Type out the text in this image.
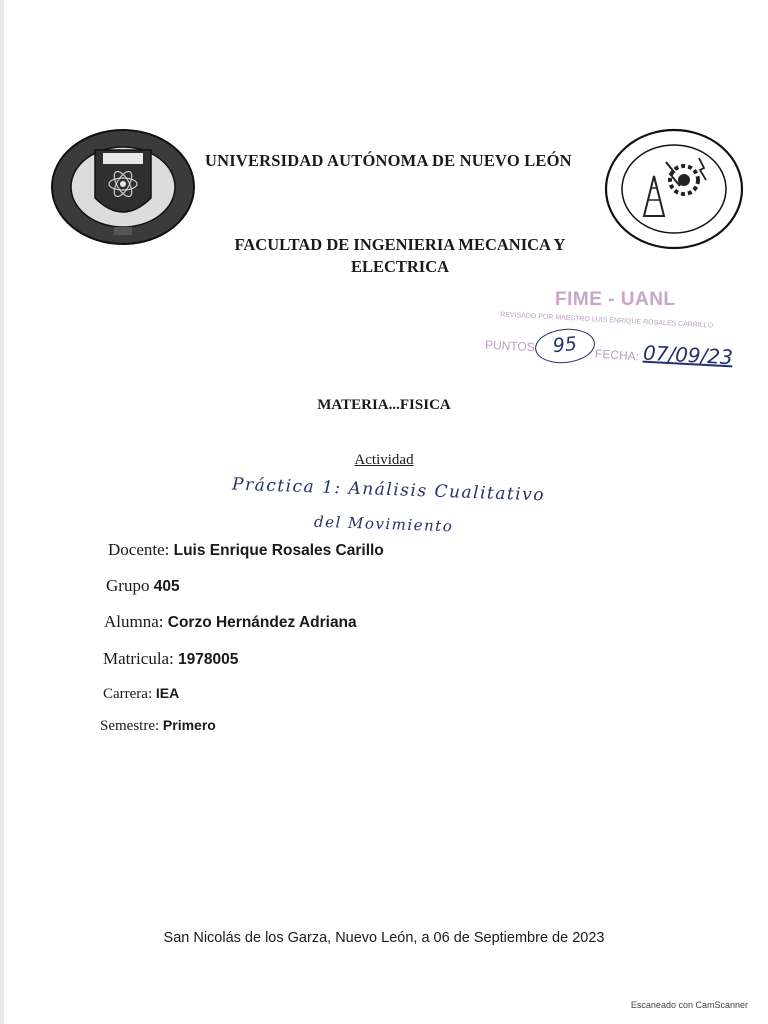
UNIVERSIDAD AUTÓNOMA DE NUEVO LEÓN
FACULTAD DE INGENIERIA MECANICA Y
ELECTRICA
FIME - UANL
REVISADO POR MAESTRO LUIS ENRIQUE ROSALES CARRILLO
PUNTOS: 95	FECHA: 07/09/23
MATERIA...FISICA
Actividad
Práctica 1: Análisis Cualitativo
del Movimiento
Docente: Luis Enrique Rosales Carillo
Grupo 405
Alumna: Corzo Hernández Adriana
Matricula: 1978005
Carrera: IEA
Semestre: Primero
San Nicolás de los Garza, Nuevo León, a 06 de Septiembre de 2023
Escaneado con CamScanner
